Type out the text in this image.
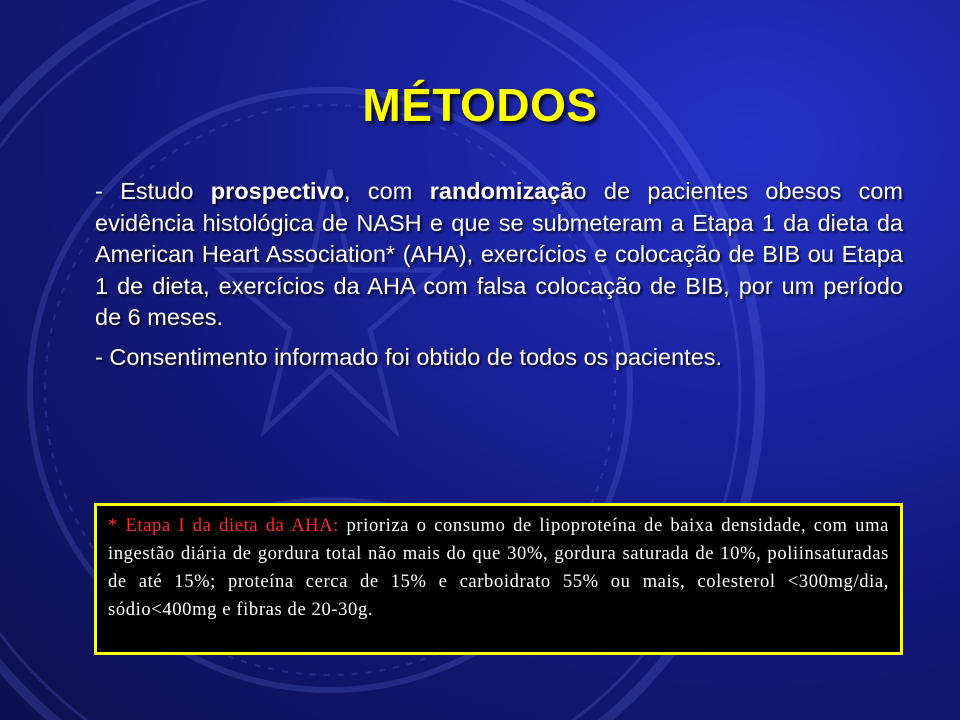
MÉTODOS

- Estudo prospectivo, com randomização de pacientes obesos com evidência histológica de NASH e que se submeteram a Etapa 1 da dieta da American Heart Association* (AHA), exercícios e colocação de BIB ou Etapa 1 de dieta, exercícios da AHA com falsa colocação de BIB, por um período de 6 meses.

- Consentimento informado foi obtido de todos os pacientes.

* Etapa I da dieta da AHA: prioriza o consumo de lipoproteína de baixa densidade, com uma ingestão diária de gordura total não mais do que 30%, gordura saturada de 10%, poliinsaturadas de até 15%; proteína cerca de 15% e carboidrato 55% ou mais, colesterol <300mg/dia, sódio<400mg e fibras de 20-30g.
